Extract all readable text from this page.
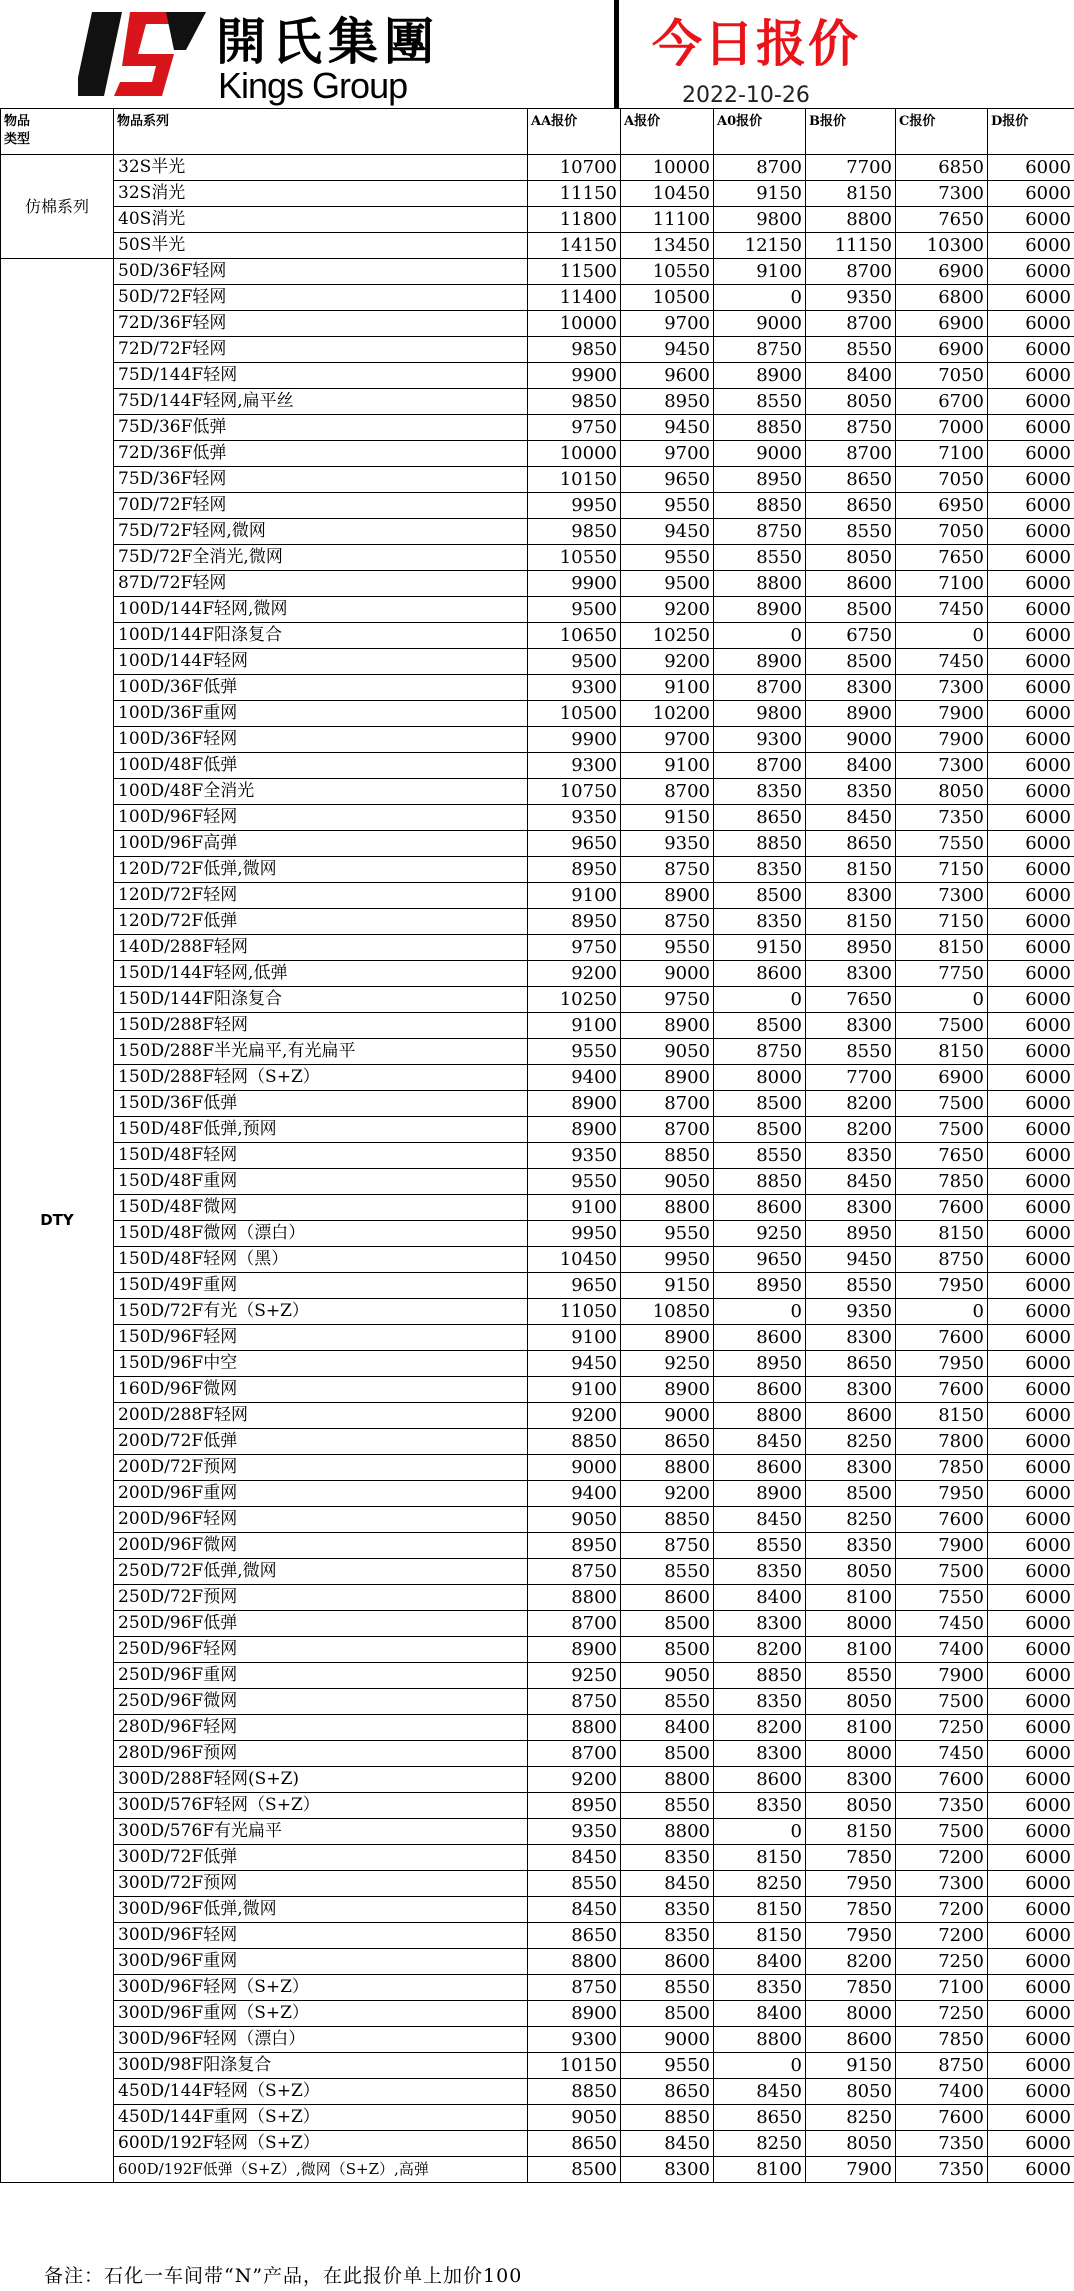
開氏集團
Kings Group
今日报价
2022-10-26
物品
类型	物品系列	AA报价	A报价	A0报价	B报价	C报价	D报价
仿棉系列	32S半光	10700	10000	8700	7700	6850	6000
	32S消光	11150	10450	9150	8150	7300	6000
	40S消光	11800	11100	9800	8800	7650	6000
	50S半光	14150	13450	12150	11150	10300	6000
DTY	50D/36F轻网	11500	10550	9100	8700	6900	6000
	50D/72F轻网	11400	10500	0	9350	6800	6000
	72D/36F轻网	10000	9700	9000	8700	6900	6000
	72D/72F轻网	9850	9450	8750	8550	6900	6000
	75D/144F轻网	9900	9600	8900	8400	7050	6000
	75D/144F轻网,扁平丝	9850	8950	8550	8050	6700	6000
	75D/36F低弹	9750	9450	8850	8750	7000	6000
	72D/36F低弹	10000	9700	9000	8700	7100	6000
	75D/36F轻网	10150	9650	8950	8650	7050	6000
	70D/72F轻网	9950	9550	8850	8650	6950	6000
	75D/72F轻网,微网	9850	9450	8750	8550	7050	6000
	75D/72F全消光,微网	10550	9550	8550	8050	7650	6000
	87D/72F轻网	9900	9500	8800	8600	7100	6000
	100D/144F轻网,微网	9500	9200	8900	8500	7450	6000
	100D/144F阳涤复合	10650	10250	0	6750	0	6000
	100D/144F轻网	9500	9200	8900	8500	7450	6000
	100D/36F低弹	9300	9100	8700	8300	7300	6000
	100D/36F重网	10500	10200	9800	8900	7900	6000
	100D/36F轻网	9900	9700	9300	9000	7900	6000
	100D/48F低弹	9300	9100	8700	8400	7300	6000
	100D/48F全消光	10750	8700	8350	8350	8050	6000
	100D/96F轻网	9350	9150	8650	8450	7350	6000
	100D/96F高弹	9650	9350	8850	8650	7550	6000
	120D/72F低弹,微网	8950	8750	8350	8150	7150	6000
	120D/72F轻网	9100	8900	8500	8300	7300	6000
	120D/72F低弹	8950	8750	8350	8150	7150	6000
	140D/288F轻网	9750	9550	9150	8950	8150	6000
	150D/144F轻网,低弹	9200	9000	8600	8300	7750	6000
	150D/144F阳涤复合	10250	9750	0	7650	0	6000
	150D/288F轻网	9100	8900	8500	8300	7500	6000
	150D/288F半光扁平,有光扁平	9550	9050	8750	8550	8150	6000
	150D/288F轻网（S+Z）	9400	8900	8000	7700	6900	6000
	150D/36F低弹	8900	8700	8500	8200	7500	6000
	150D/48F低弹,预网	8900	8700	8500	8200	7500	6000
	150D/48F轻网	9350	8850	8550	8350	7650	6000
	150D/48F重网	9550	9050	8850	8450	7850	6000
	150D/48F微网	9100	8800	8600	8300	7600	6000
	150D/48F微网（漂白）	9950	9550	9250	8950	8150	6000
	150D/48F轻网（黑）	10450	9950	9650	9450	8750	6000
	150D/49F重网	9650	9150	8950	8550	7950	6000
	150D/72F有光（S+Z）	11050	10850	0	9350	0	6000
	150D/96F轻网	9100	8900	8600	8300	7600	6000
	150D/96F中空	9450	9250	8950	8650	7950	6000
	160D/96F微网	9100	8900	8600	8300	7600	6000
	200D/288F轻网	9200	9000	8800	8600	8150	6000
	200D/72F低弹	8850	8650	8450	8250	7800	6000
	200D/72F预网	9000	8800	8600	8300	7850	6000
	200D/96F重网	9400	9200	8900	8500	7950	6000
	200D/96F轻网	9050	8850	8450	8250	7600	6000
	200D/96F微网	8950	8750	8550	8350	7900	6000
	250D/72F低弹,微网	8750	8550	8350	8050	7500	6000
	250D/72F预网	8800	8600	8400	8100	7550	6000
	250D/96F低弹	8700	8500	8300	8000	7450	6000
	250D/96F轻网	8900	8500	8200	8100	7400	6000
	250D/96F重网	9250	9050	8850	8550	7900	6000
	250D/96F微网	8750	8550	8350	8050	7500	6000
	280D/96F轻网	8800	8400	8200	8100	7250	6000
	280D/96F预网	8700	8500	8300	8000	7450	6000
	300D/288F轻网(S+Z)	9200	8800	8600	8300	7600	6000
	300D/576F轻网（S+Z）	8950	8550	8350	8050	7350	6000
	300D/576F有光扁平	9350	8800	0	8150	7500	6000
	300D/72F低弹	8450	8350	8150	7850	7200	6000
	300D/72F预网	8550	8450	8250	7950	7300	6000
	300D/96F低弹,微网	8450	8350	8150	7850	7200	6000
	300D/96F轻网	8650	8350	8150	7950	7200	6000
	300D/96F重网	8800	8600	8400	8200	7250	6000
	300D/96F轻网（S+Z）	8750	8550	8350	7850	7100	6000
	300D/96F重网（S+Z）	8900	8500	8400	8000	7250	6000
	300D/96F轻网（漂白）	9300	9000	8800	8600	7850	6000
	300D/98F阳涤复合	10150	9550	0	9150	8750	6000
	450D/144F轻网（S+Z）	8850	8650	8450	8050	7400	6000
	450D/144F重网（S+Z）	9050	8850	8650	8250	7600	6000
	600D/192F轻网（S+Z）	8650	8450	8250	8050	7350	6000
	600D/192F低弹（S+Z）,微网（S+Z）,高弹	8500	8300	8100	7900	7350	6000
备注：石化一车间带“N”产品，在此报价单上加价100
